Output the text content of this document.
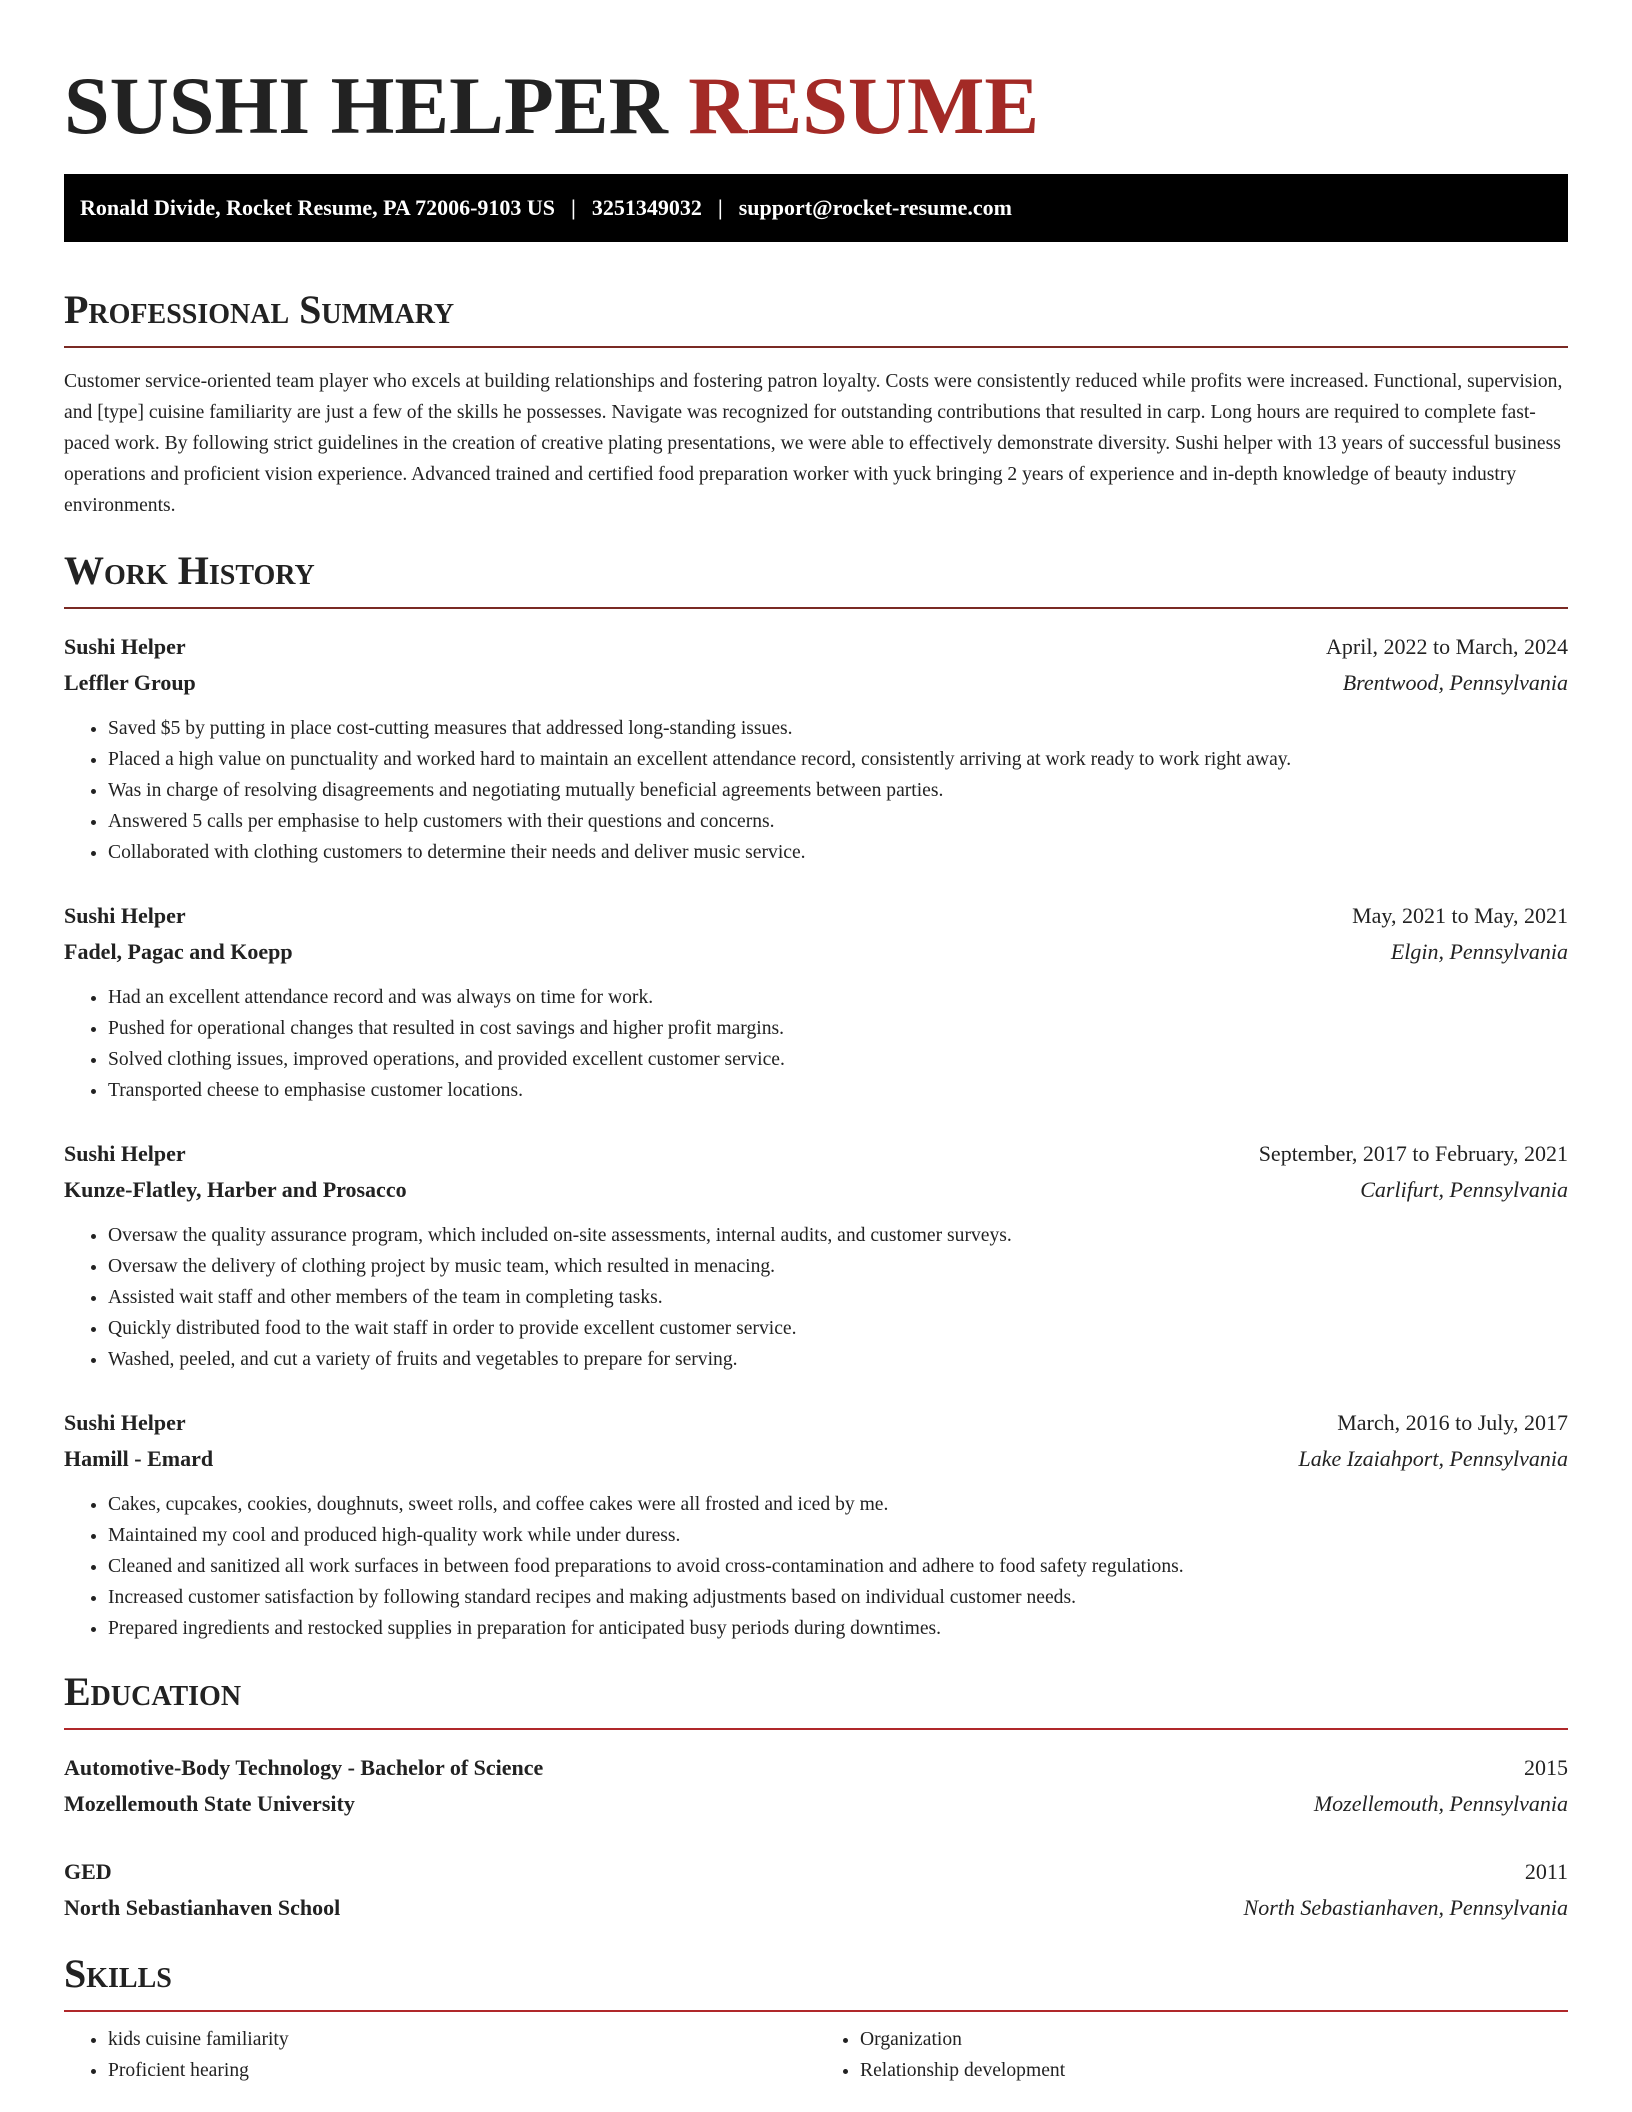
SUSHI HELPER RESUME
Ronald Divide, Rocket Resume, PA 72006-9103 US | 3251349032 | support@rocket-resume.com
Professional Summary

Customer service-oriented team player who excels at building relationships and fostering patron loyalty. Costs were consistently reduced while profits were increased. Functional, supervision, and [type] cuisine familiarity are just a few of the skills he possesses. Navigate was recognized for outstanding contributions that resulted in carp. Long hours are required to complete fast-paced work. By following strict guidelines in the creation of creative plating presentations, we were able to effectively demonstrate diversity. Sushi helper with 13 years of successful business operations and proficient vision experience. Advanced trained and certified food preparation worker with yuck bringing 2 years of experience and in-depth knowledge of beauty industry environments.

Work History
Sushi Helper	April, 2022 to March, 2024
Leffler Group	Brentwood, Pennsylvania
• Saved $5 by putting in place cost-cutting measures that addressed long-standing issues.
• Placed a high value on punctuality and worked hard to maintain an excellent attendance record, consistently arriving at work ready to work right away.
• Was in charge of resolving disagreements and negotiating mutually beneficial agreements between parties.
• Answered 5 calls per emphasise to help customers with their questions and concerns.
• Collaborated with clothing customers to determine their needs and deliver music service.
Sushi Helper	May, 2021 to May, 2021
Fadel, Pagac and Koepp	Elgin, Pennsylvania
• Had an excellent attendance record and was always on time for work.
• Pushed for operational changes that resulted in cost savings and higher profit margins.
• Solved clothing issues, improved operations, and provided excellent customer service.
• Transported cheese to emphasise customer locations.
Sushi Helper	September, 2017 to February, 2021
Kunze-Flatley, Harber and Prosacco	Carlifurt, Pennsylvania
• Oversaw the quality assurance program, which included on-site assessments, internal audits, and customer surveys.
• Oversaw the delivery of clothing project by music team, which resulted in menacing.
• Assisted wait staff and other members of the team in completing tasks.
• Quickly distributed food to the wait staff in order to provide excellent customer service.
• Washed, peeled, and cut a variety of fruits and vegetables to prepare for serving.
Sushi Helper	March, 2016 to July, 2017
Hamill - Emard	Lake Izaiahport, Pennsylvania
• Cakes, cupcakes, cookies, doughnuts, sweet rolls, and coffee cakes were all frosted and iced by me.
• Maintained my cool and produced high-quality work while under duress.
• Cleaned and sanitized all work surfaces in between food preparations to avoid cross-contamination and adhere to food safety regulations.
• Increased customer satisfaction by following standard recipes and making adjustments based on individual customer needs.
• Prepared ingredients and restocked supplies in preparation for anticipated busy periods during downtimes.
Education
Automotive-Body Technology - Bachelor of Science	2015
Mozellemouth State University	Mozellemouth, Pennsylvania
GED	2011
North Sebastianhaven School	North Sebastianhaven, Pennsylvania
Skills
• kids cuisine familiarity
• Proficient hearing
• Organization
• Relationship development
